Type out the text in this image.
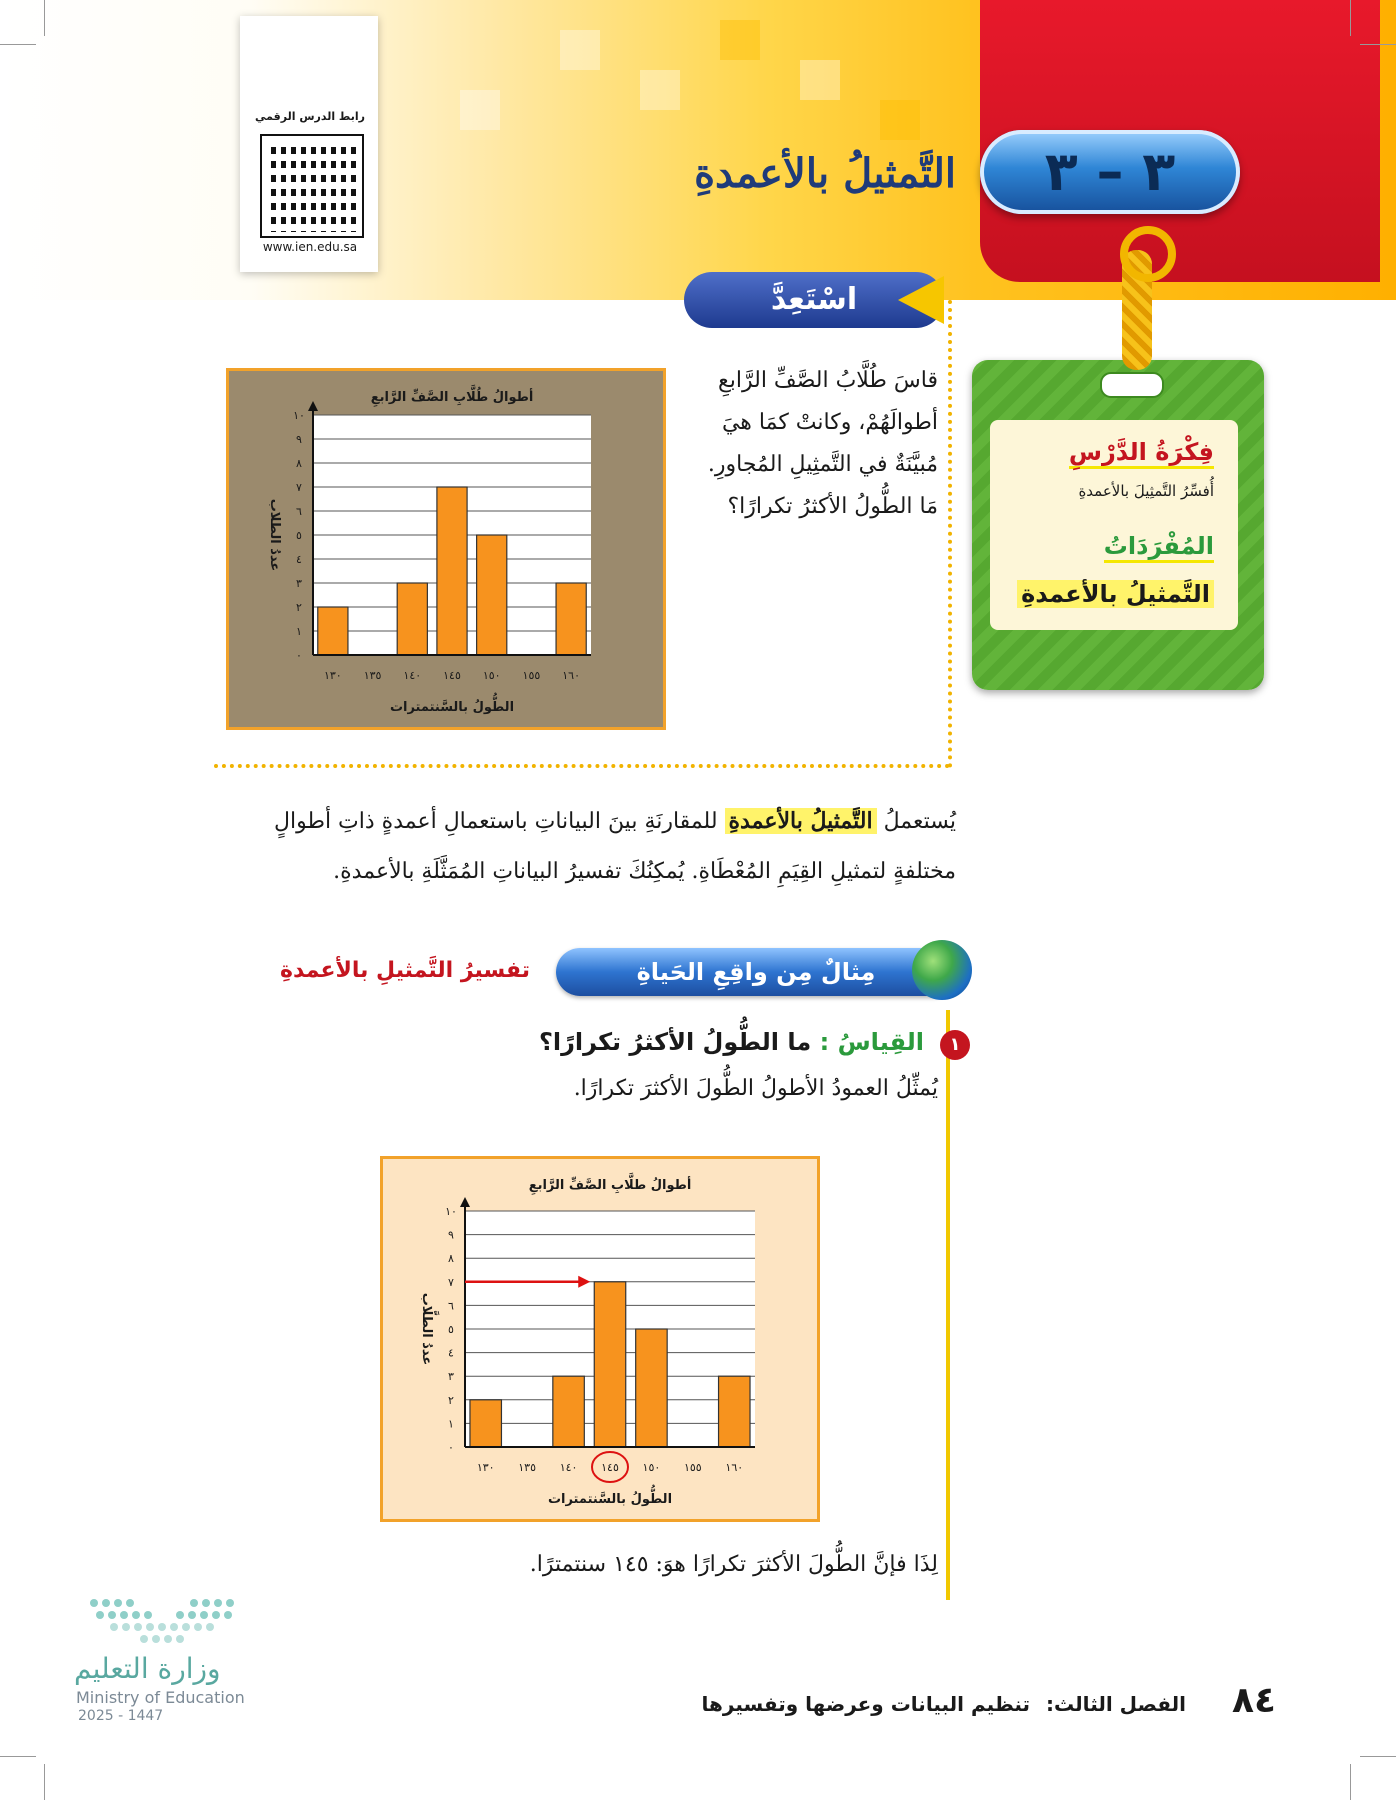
رابط الدرس الرقمي
www.ien.edu.sa
٣ – ٣
التَّمثيلُ بالأعمدةِ
فِكْرَةُ الدَّرْسِ
أُفسِّرُ التَّمثِيلَ بالأعمدةِ
المُفْرَدَاتُ
التَّمثيلُ بالأعمدةِ
اسْتَعِدَّ
قاسَ طُلَّابُ الصَّفِّ الرَّابعِ
أطوالَهُمْ، وكانتْ كمَا هيَ
مُبيَّنَةٌ في التَّمثِيلِ المُجاورِ.
مَا الطُّولُ الأكثرُ تكرارًا؟
٠
١
٢
٣
٤
٥
٦
٧
٨
٩
١٠
١٣٠ ١٣٥ ١٤٠ ١٤٥ ١٥٠ ١٥٥ ١٦٠
أطوالُ طُلَّابِ الصَّفِّ الرَّابعِ
الطُّولُ بالسَّنتمترات
عددُ الطلاب
يُستعملُ التَّمثيلُ بالأعمدةِ للمقارنَةِ بينَ البياناتِ باستعمالِ أعمدةٍ ذاتِ أطوالٍ
مختلفةٍ لتمثيلِ القِيَمِ المُعْطَاةِ. يُمكِنُكَ تفسيرُ البياناتِ المُمَثَّلَةِ بالأعمدةِ.
مِثالٌ مِن واقِعِ الحَياةِ
تفسيرُ التَّمثيلِ بالأعمدةِ
١
القِياسُ : ما الطُّولُ الأكثرُ تكرارًا؟
يُمثِّلُ العمودُ الأطولُ الطُّولَ الأكثرَ تكرارًا.
٠
١
٢
٣
٤
٥
٦
٧
٨
٩
١٠
١٣٠ ١٣٥ ١٤٠ ١٤٥ ١٥٠ ١٥٥ ١٦٠
أطوالُ طلَّابِ الصَّفِّ الرَّابعِ
الطُّولُ بالسَّنتمترات
عددُ الطلَّاب
لِذَا فإنَّ الطُّولَ الأكثرَ تكرارًا هوَ: ١٤٥ سنتمترًا.
وزارة التعليم
Ministry of Education
2025 - 1447	٨٤
الفصل الثالث:
تنظيم البيانات وعرضها وتفسيرها
